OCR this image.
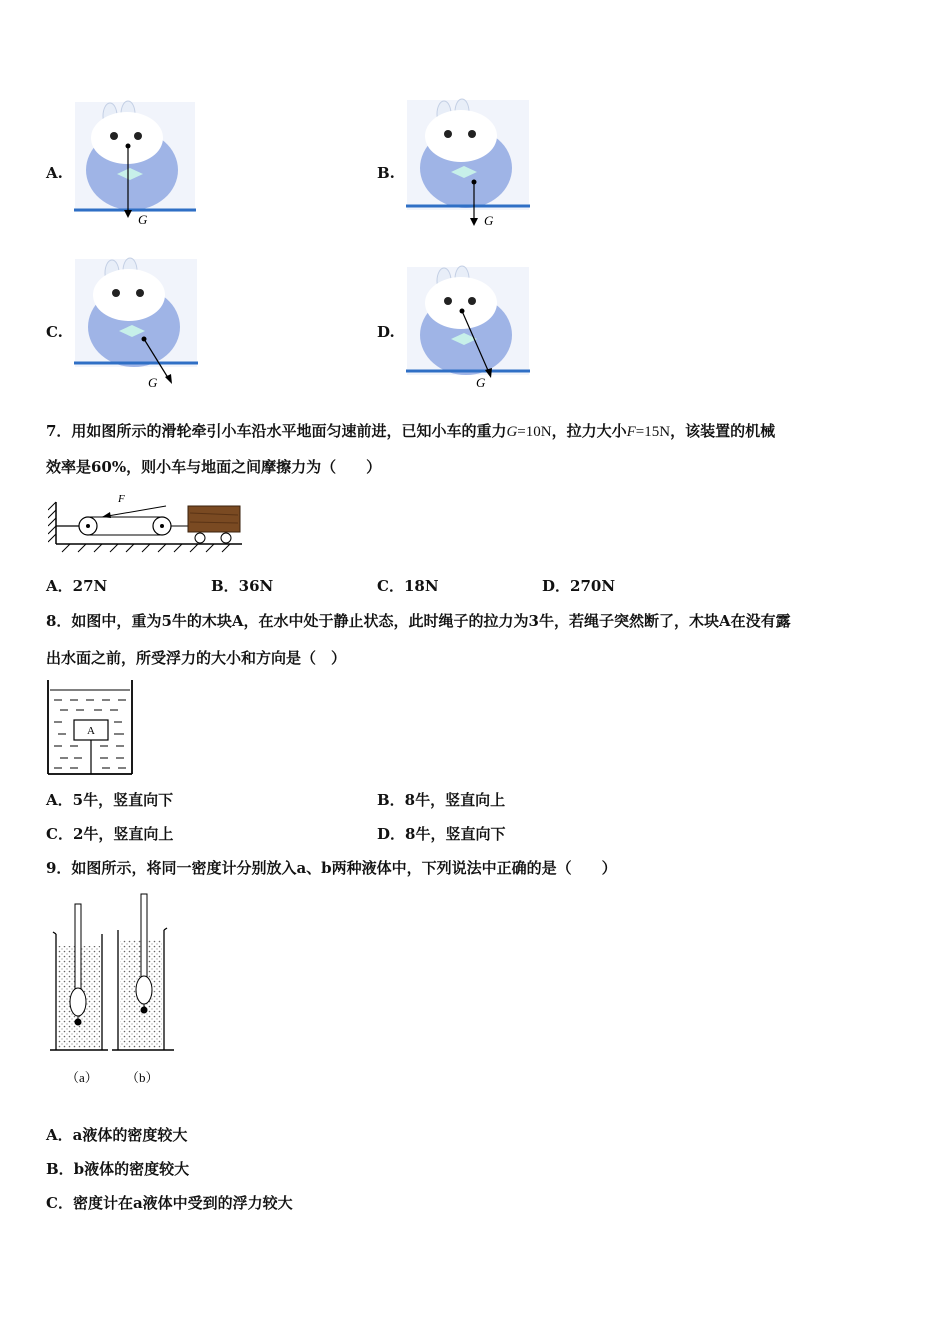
A.
G
B.
G
C.
G
D.
G
7．用如图所示的滑轮牵引小车沿水平地面匀速前进，已知小车的重力G=10N，拉力大小F=15N，该装置的机械
效率是60%，则小车与地面之间摩擦力为（　　）
F
A．27N	B．36N	C．18N	D．270N
8．如图中，重为5牛的木块A，在水中处于静止状态，此时绳子的拉力为3牛，若绳子突然断了，木块A在没有露
出水面之前，所受浮力的大小和方向是（　）
A
A．5牛，竖直向下	B．8牛，竖直向上
C．2牛，竖直向上	D．8牛，竖直向下
9．如图所示，将同一密度计分别放入a、b两种液体中，下列说法中正确的是（　　）
（a） （b）
A．a液体的密度较大
B．b液体的密度较大
C．密度计在a液体中受到的浮力较大
